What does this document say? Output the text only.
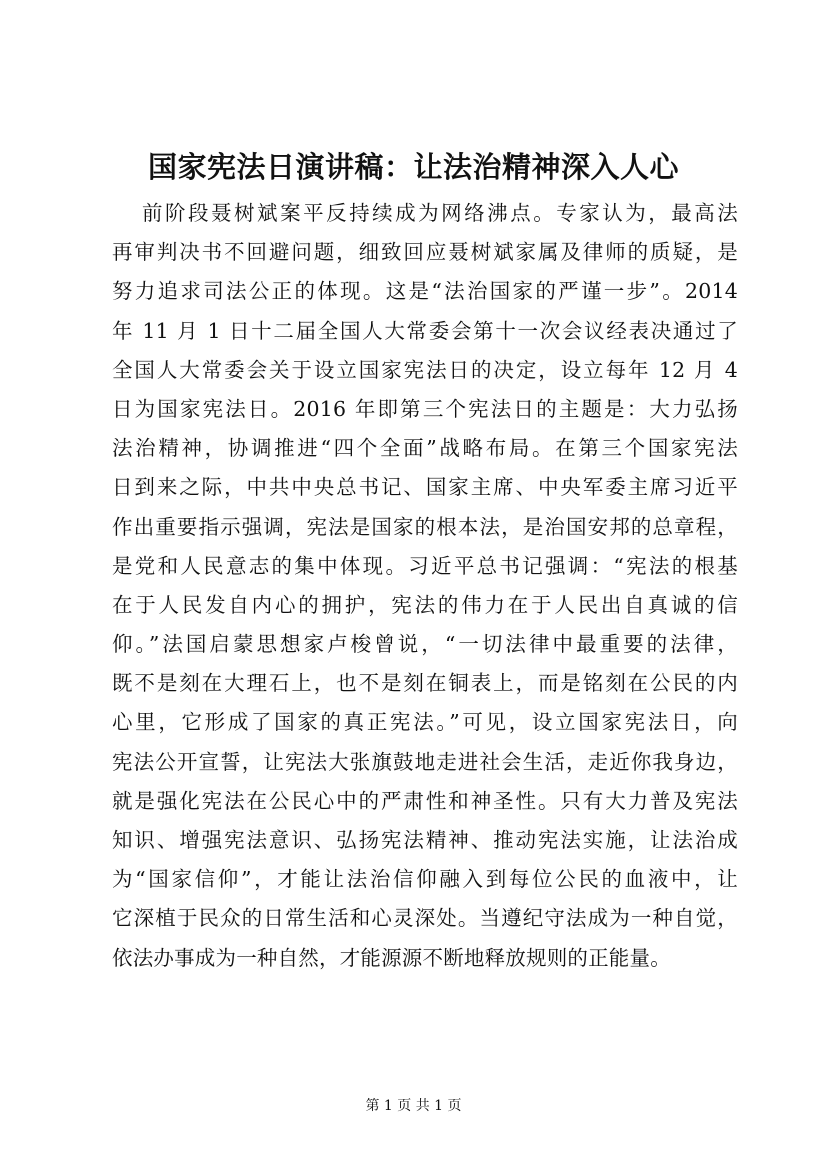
国家宪法日演讲稿：让法治精神深入人心
前阶段聂树斌案平反持续成为网络沸点。专家认为，最高法
再审判决书不回避问题，细致回应聂树斌家属及律师的质疑，是
努力追求司法公正的体现。这是“法治国家的严谨一步”。2014
年 11 月 1 日十二届全国人大常委会第十一次会议经表决通过了
全国人大常委会关于设立国家宪法日的决定，设立每年 12 月 4
日为国家宪法日。2016 年即第三个宪法日的主题是：大力弘扬
法治精神，协调推进“四个全面”战略布局。在第三个国家宪法
日到来之际，中共中央总书记、国家主席、中央军委主席习近平
作出重要指示强调，宪法是国家的根本法，是治国安邦的总章程，
是党和人民意志的集中体现。习近平总书记强调：“宪法的根基
在于人民发自内心的拥护，宪法的伟力在于人民出自真诚的信
仰。”法国启蒙思想家卢梭曾说，“一切法律中最重要的法律，
既不是刻在大理石上，也不是刻在铜表上，而是铭刻在公民的内
心里，它形成了国家的真正宪法。”可见，设立国家宪法日，向
宪法公开宣誓，让宪法大张旗鼓地走进社会生活，走近你我身边，
就是强化宪法在公民心中的严肃性和神圣性。只有大力普及宪法
知识、增强宪法意识、弘扬宪法精神、推动宪法实施，让法治成
为“国家信仰”，才能让法治信仰融入到每位公民的血液中，让
它深植于民众的日常生活和心灵深处。当遵纪守法成为一种自觉，
依法办事成为一种自然，才能源源不断地释放规则的正能量。
第 1 页 共 1 页
